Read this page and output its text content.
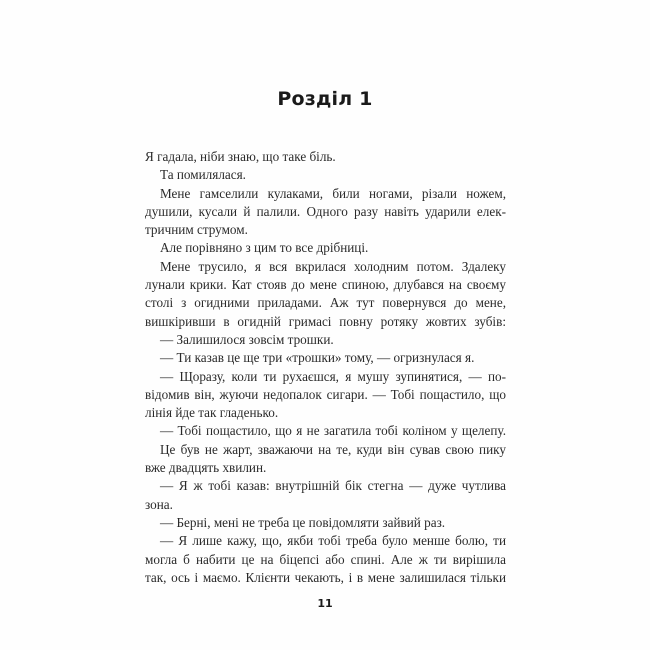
Розділ 1
Я гадала, ніби знаю, що таке біль.
Та помилялася.
Мене гамселили кулаками, били ногами, різали ножем,
душили, кусали й палили. Одного разу навіть ударили елек-
тричним струмом.
Але порівняно з цим то все дрібниці.
Мене трусило, я вся вкрилася холодним потом. Здалеку
лунали крики. Кат стояв до мене спиною, длубався на своєму
столі з огидними приладами. Аж тут повернувся до мене,
вишкіривши в огидній гримасі повну ротяку жовтих зубів:
— Залишилося зовсім трошки.
— Ти казав це ще три «трошки» тому, — огризнулася я.
— Щоразу, коли ти рухаєшся, я мушу зупинятися, — по-
відомив він, жуючи недопалок сигари. — Тобі пощастило, що
лінія йде так гладенько.
— Тобі пощастило, що я не загатила тобі коліном у щелепу.
Це був не жарт, зважаючи на те, куди він сував свою пику
вже двадцять хвилин.
— Я ж тобі казав: внутрішній бік стегна — дуже чутлива
зона.
— Берні, мені не треба це повідомляти зайвий раз.
— Я лише кажу, що, якби тобі треба було менше болю, ти
могла б набити це на біцепсі або спині. Але ж ти вирішила
так, ось і маємо. Клієнти чекають, і в мене залишилася тільки
11
